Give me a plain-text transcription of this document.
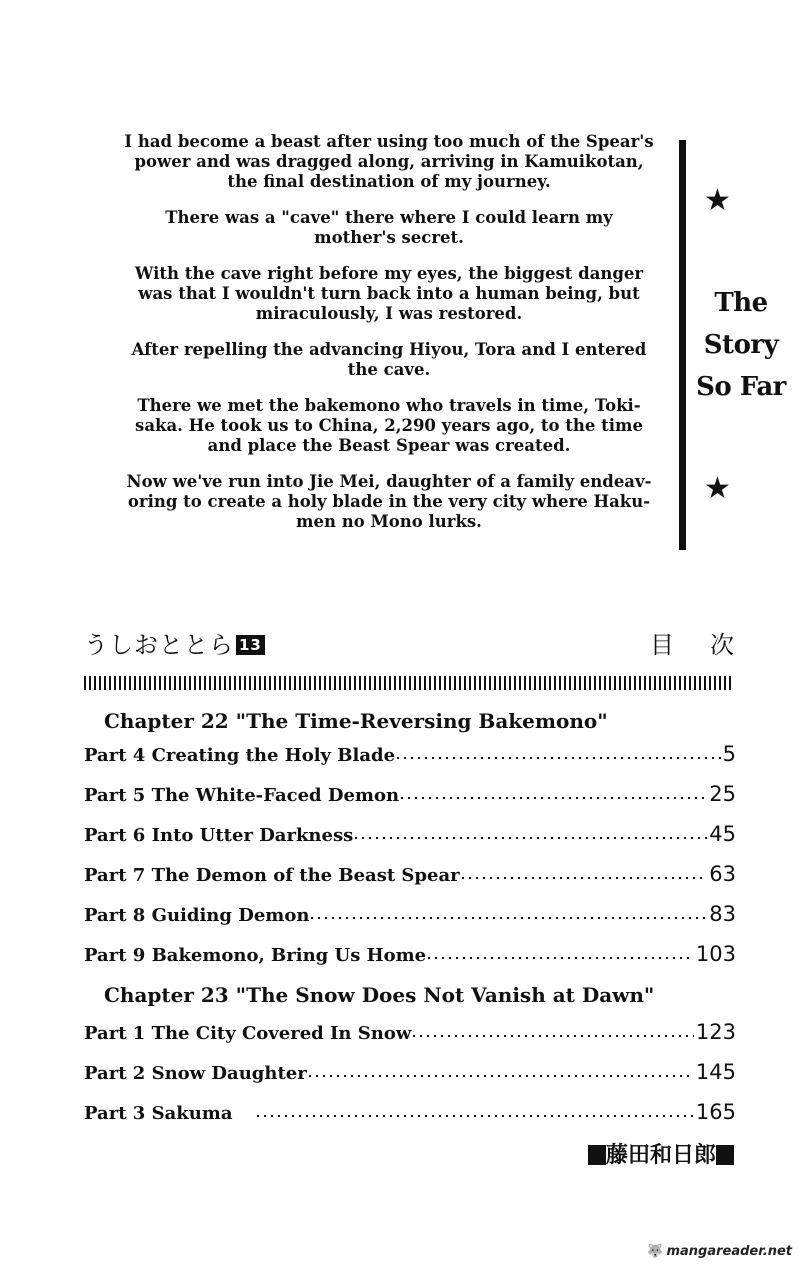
I had become a beast after using too much of the Spear's
power and was dragged along, arriving in Kamuikotan,
the final destination of my journey.

There was a "cave" there where I could learn my
mother's secret.

With the cave right before my eyes, the biggest danger
was that I wouldn't turn back into a human being, but
miraculously, I was restored.

After repelling the advancing Hiyou, Tora and I entered
the cave.

There we met the bakemono who travels in time, Toki-
saka. He took us to China, 2,290 years ago, to the time
and place the Beast Spear was created.

Now we've run into Jie Mei, daughter of a family endeav-
oring to create a holy blade in the very city where Haku-
men no Mono lurks.

★
The
Story
So Far
★
うしおととら 13	目次
Chapter 22 "The Time-Reversing Bakemono"
Part 4 Creating the Holy Blade	5
Part 5 The White-Faced Demon	25
Part 6 Into Utter Darkness	45
Part 7 The Demon of the Beast Spear	63
Part 8 Guiding Demon	83
Part 9 Bakemono, Bring Us Home	103
Chapter 23 "The Snow Does Not Vanish at Dawn"
Part 1 The City Covered In Snow	123
Part 2 Snow Daughter	145
Part 3 Sakuma	165
藤田和日郎
🐺 mangareader.net
